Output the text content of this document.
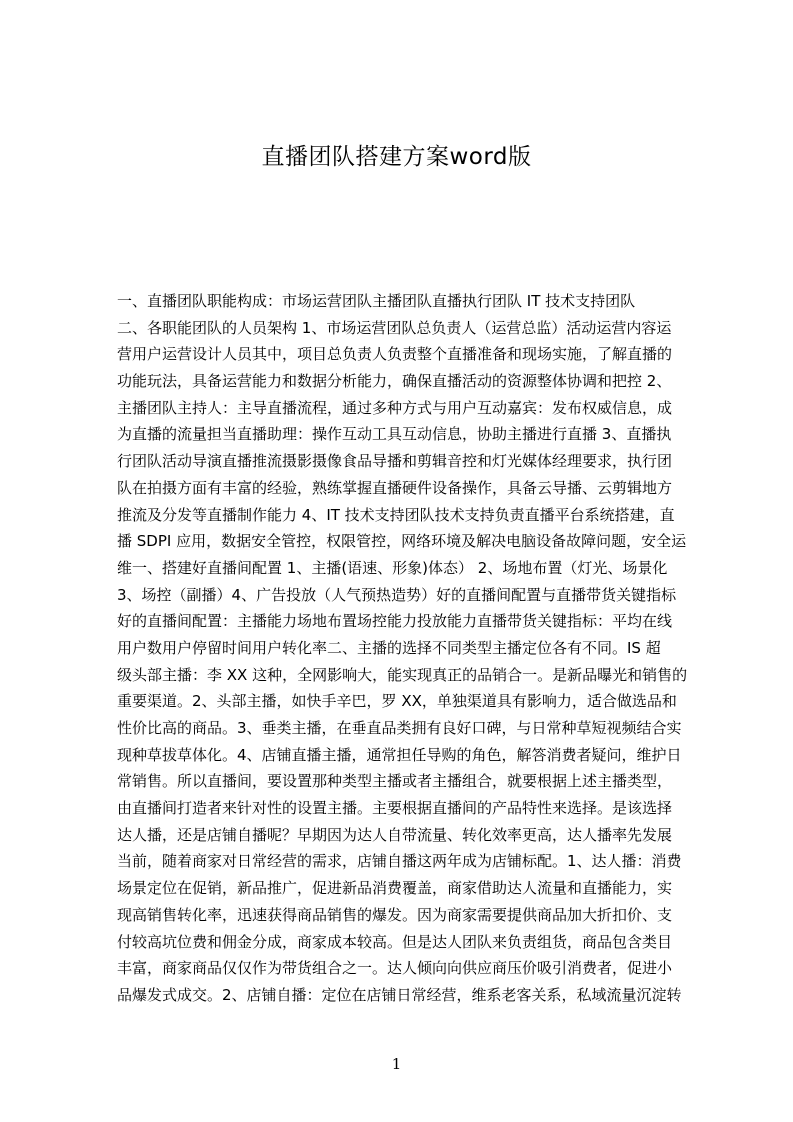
直播团队搭建方案word版
一、直播团队职能构成：市场运营团队主播团队直播执行团队 IT 技术支持团队
二、各职能团队的人员架构 1、市场运营团队总负责人（运营总监）活动运营内容运
营用户运营设计人员其中，项目总负责人负责整个直播准备和现场实施，了解直播的
功能玩法，具备运营能力和数据分析能力，确保直播活动的资源整体协调和把控 2、
主播团队主持人：主导直播流程，通过多种方式与用户互动嘉宾：发布权威信息，成
为直播的流量担当直播助理：操作互动工具互动信息，协助主播进行直播 3、直播执
行团队活动导演直播推流摄影摄像食品导播和剪辑音控和灯光媒体经理要求，执行团
队在拍摄方面有丰富的经验，熟练掌握直播硬件设备操作，具备云导播、云剪辑地方
推流及分发等直播制作能力 4、IT 技术支持团队技术支持负责直播平台系统搭建，直
播 SDPI 应用，数据安全管控，权限管控，网络环境及解决电脑设备故障问题，安全运
维一、搭建好直播间配置 1、主播(语速、形象)体态） 2、场地布置（灯光、场景化
3、场控（副播）4、广告投放（人气预热造势）好的直播间配置与直播带货关键指标
好的直播间配置：主播能力场地布置场控能力投放能力直播带货关键指标：平均在线
用户数用户停留时间用户转化率二、主播的选择不同类型主播定位各有不同。IS 超
级头部主播：李 XX 这种，全网影响大，能实现真正的品销合一。是新品曝光和销售的
重要渠道。2、头部主播，如快手辛巴，罗 XX，单独渠道具有影响力，适合做选品和
性价比高的商品。3、垂类主播，在垂直品类拥有良好口碑，与日常种草短视频结合实
现种草拔草体化。4、店铺直播主播，通常担任导购的角色，解答消费者疑问，维护日
常销售。所以直播间，要设置那种类型主播或者主播组合，就要根据上述主播类型，
由直播间打造者来针对性的设置主播。主要根据直播间的产品特性来选择。是该选择
达人播，还是店铺自播呢？早期因为达人自带流量、转化效率更高，达人播率先发展
当前，随着商家对日常经营的需求，店铺自播这两年成为店铺标配。1、达人播：消费
场景定位在促销，新品推广，促进新品消费覆盖，商家借助达人流量和直播能力，实
现高销售转化率，迅速获得商品销售的爆发。因为商家需要提供商品加大折扣价、支
付较高坑位费和佣金分成，商家成本较高。但是达人团队来负责组货，商品包含类目
丰富，商家商品仅仅作为带货组合之一。达人倾向向供应商压价吸引消费者，促进小
品爆发式成交。2、店铺自播：定位在店铺日常经营，维系老客关系，私域流量沉淀转
1
